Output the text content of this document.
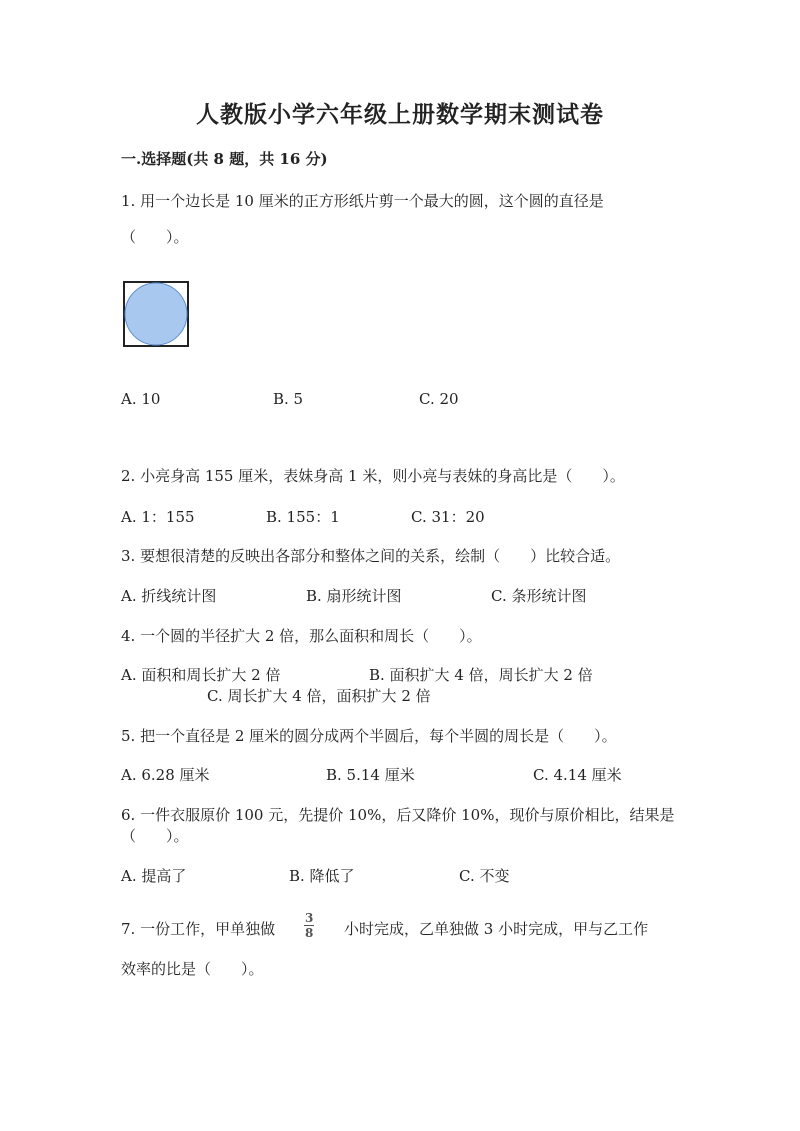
人教版小学六年级上册数学期末测试卷
一.选择题(共 8 题，共 16 分)
1. 用一个边长是 10 厘米的正方形纸片剪一个最大的圆，这个圆的直径是
（　　）。
A. 10	B. 5	C. 20
2. 小亮身高 155 厘米，表妹身高 1 米，则小亮与表妹的身高比是（　　）。
A. 1：155	B. 155：1	C. 31：20
3. 要想很清楚的反映出各部分和整体之间的关系，绘制（　　）比较合适。
A. 折线统计图	B. 扇形统计图	C. 条形统计图
4. 一个圆的半径扩大 2 倍，那么面积和周长（　　）。
A. 面积和周长扩大 2 倍	B. 面积扩大 4 倍，周长扩大 2 倍
C. 周长扩大 4 倍，面积扩大 2 倍
5. 把一个直径是 2 厘米的圆分成两个半圆后，每个半圆的周长是（　　）。
A. 6.28 厘米	B. 5.14 厘米	C. 4.14 厘米
6. 一件衣服原价 100 元，先提价 10%，后又降价 10%，现价与原价相比，结果是
（　　）。
A. 提高了	B. 降低了	C. 不变
7. 一份工作，甲单独做 $\frac{3}{8}$ 小时完成，乙单独做 3 小时完成，甲与乙工作
效率的比是（　　）。
